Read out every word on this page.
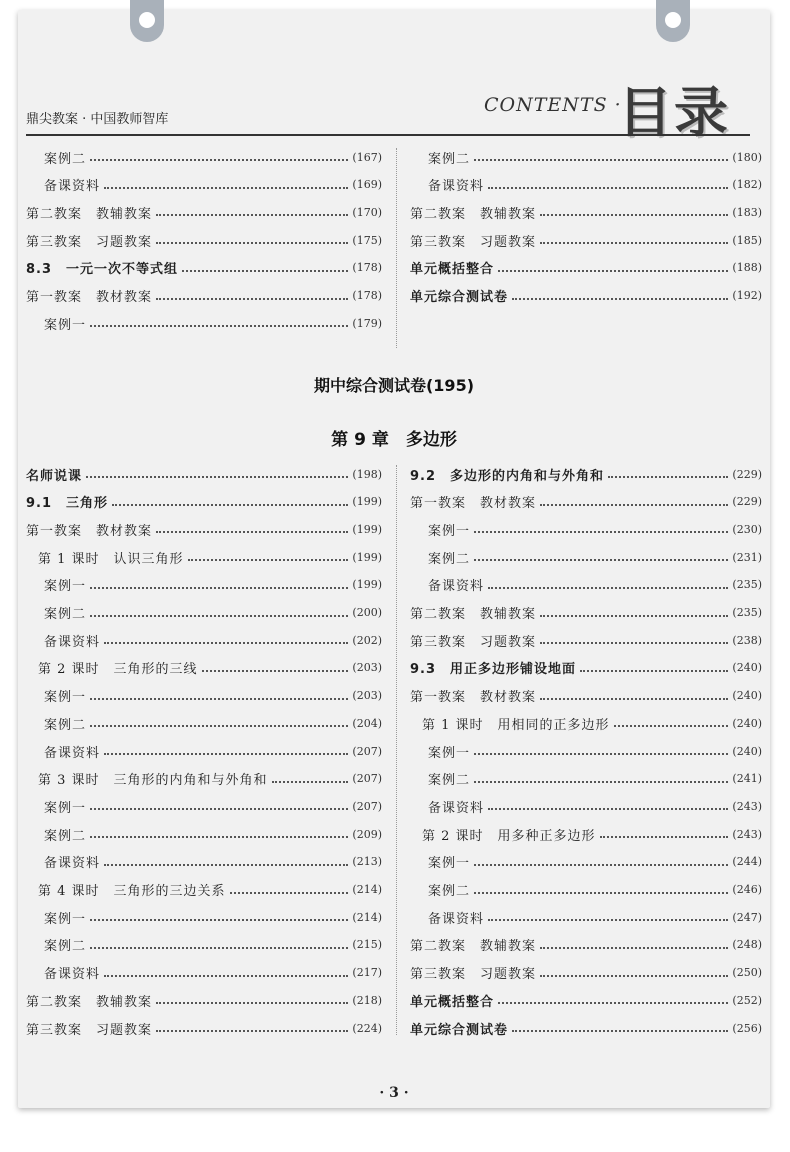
鼎尖教案 · 中国教师智库
CONTENTS ·
目录
案例二	(167)
备课资料	(169)
第二教案　教辅教案	(170)
第三教案　习题教案	(175)
8.3　一元一次不等式组	(178)
第一教案　教材教案	(178)
案例一	(179)
案例二	(180)
备课资料	(182)
第二教案　教辅教案	(183)
第三教案　习题教案	(185)
单元概括整合	(188)
单元综合测试卷	(192)
期中综合测试卷(195)
第 9 章　多边形
名师说课	(198)
9.1　三角形	(199)
第一教案　教材教案	(199)
第 1 课时　认识三角形	(199)
案例一	(199)
案例二	(200)
备课资料	(202)
第 2 课时　三角形的三线	(203)
案例一	(203)
案例二	(204)
备课资料	(207)
第 3 课时　三角形的内角和与外角和	(207)
案例一	(207)
案例二	(209)
备课资料	(213)
第 4 课时　三角形的三边关系	(214)
案例一	(214)
案例二	(215)
备课资料	(217)
第二教案　教辅教案	(218)
第三教案　习题教案	(224)
9.2　多边形的内角和与外角和	(229)
第一教案　教材教案	(229)
案例一	(230)
案例二	(231)
备课资料	(235)
第二教案　教辅教案	(235)
第三教案　习题教案	(238)
9.3　用正多边形铺设地面	(240)
第一教案　教材教案	(240)
第 1 课时　用相同的正多边形	(240)
案例一	(240)
案例二	(241)
备课资料	(243)
第 2 课时　用多种正多边形	(243)
案例一	(244)
案例二	(246)
备课资料	(247)
第二教案　教辅教案	(248)
第三教案　习题教案	(250)
单元概括整合	(252)
单元综合测试卷	(256)
· 3 ·
